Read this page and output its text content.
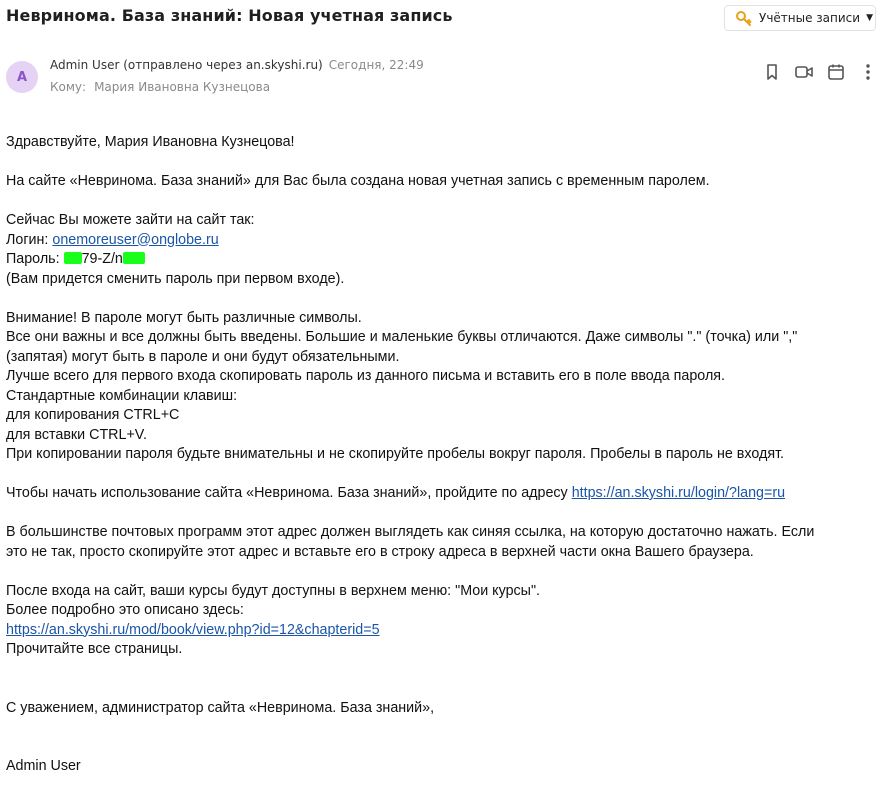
Невринома. База знаний: Новая учетная запись	Учётные записи ▼
A
Admin User (отправлено через an.skyshi.ru) Сегодня, 22:49
Кому: Мария Ивановна Кузнецова

Здравствуйте, Мария Ивановна Кузнецова!

На сайте «Невринома. База знаний» для Вас была создана новая учетная запись с временным паролем.

Сейчас Вы можете зайти на сайт так:

Логин: onemoreuser@onglobe.ru

Пароль: 79-Z/n

(Вам придется сменить пароль при первом входе).

Внимание! В пароле могут быть различные символы.

Все они важны и все должны быть введены. Большие и маленькие буквы отличаются. Даже символы "." (точка) или ","

(запятая) могут быть в пароле и они будут обязательными.

Лучше всего для первого входа скопировать пароль из данного письма и вставить его в поле ввода пароля.

Стандартные комбинации клавиш:

для копирования CTRL+C

для вставки CTRL+V.

При копировании пароля будьте внимательны и не скопируйте пробелы вокруг пароля. Пробелы в пароль не входят.

Чтобы начать использование сайта «Невринома. База знаний», пройдите по адресу https://an.skyshi.ru/login/?lang=ru

В большинстве почтовых программ этот адрес должен выглядеть как синяя ссылка, на которую достаточно нажать. Если

это не так, просто скопируйте этот адрес и вставьте его в строку адреса в верхней части окна Вашего браузера.

После входа на сайт, ваши курсы будут доступны в верхнем меню: "Мои курсы".

Более подробно это описано здесь:

https://an.skyshi.ru/mod/book/view.php?id=12&chapterid=5

Прочитайте все страницы.

С уважением, администратор сайта «Невринома. База знаний»,

Admin User
